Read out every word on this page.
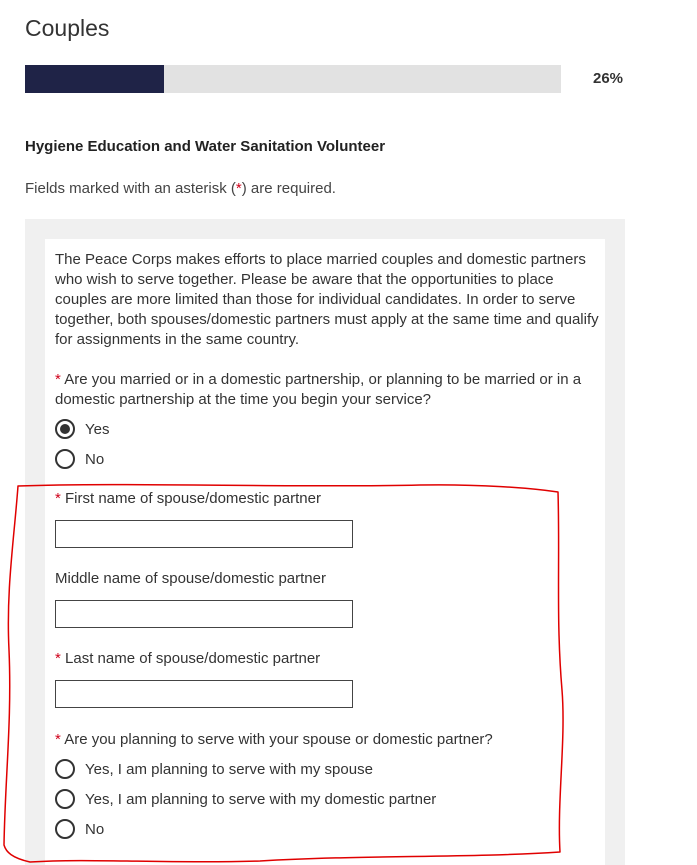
Couples
26%
Hygiene Education and Water Sanitation Volunteer
Fields marked with an asterisk (*) are required.

The Peace Corps makes efforts to place married couples and domestic partners who wish to serve together. Please be aware that the opportunities to place couples are more limited than those for individual candidates. In order to serve together, both spouses/domestic partners must apply at the same time and qualify for assignments in the same country.

* Are you married or in a domestic partnership, or planning to be married or in a domestic partnership at the time you begin your service?

Yes
No
* First name of spouse/domestic partner
Middle name of spouse/domestic partner
* Last name of spouse/domestic partner
* Are you planning to serve with your spouse or domestic partner?
Yes, I am planning to serve with my spouse
Yes, I am planning to serve with my domestic partner
No
